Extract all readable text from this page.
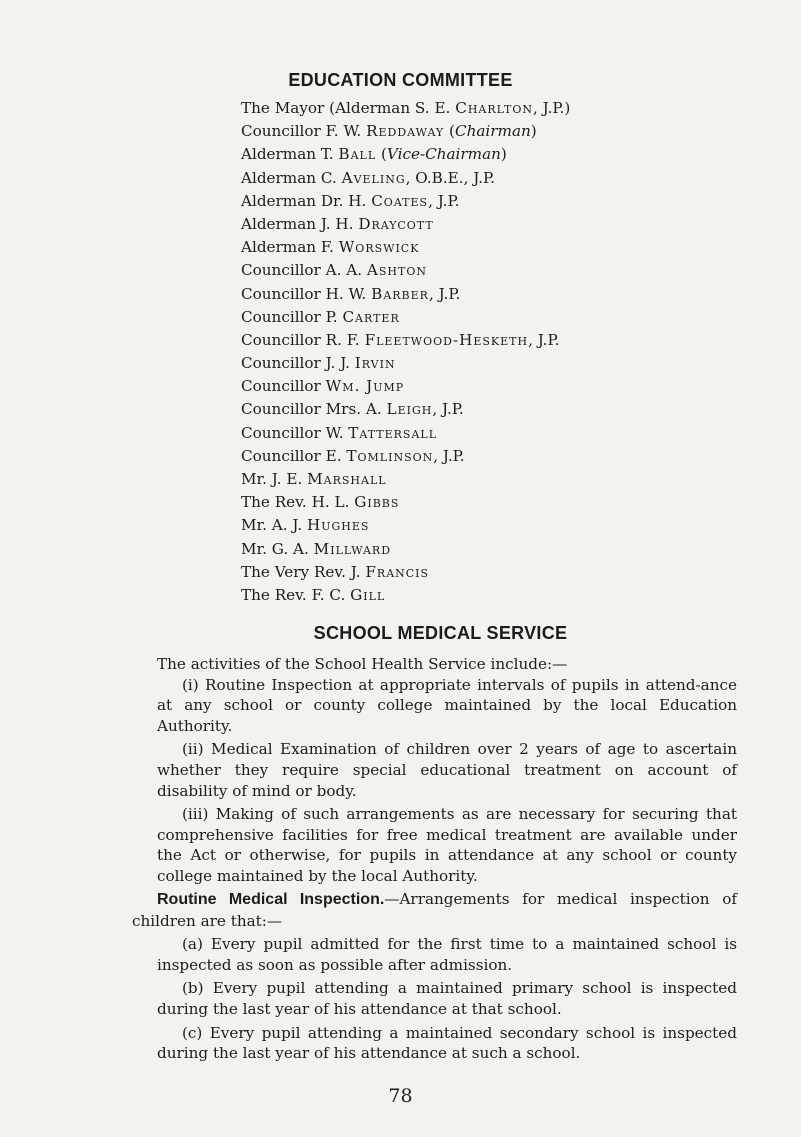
EDUCATION COMMITTEE
The Mayor (Alderman S. E. Charlton, J.P.)
Councillor F. W. Reddaway (Chairman)
Alderman T. Ball (Vice-Chairman)
Alderman C. Aveling, O.B.E., J.P.
Alderman Dr. H. Coates, J.P.
Alderman J. H. Draycott
Alderman F. Worswick
Councillor A. A. Ashton
Councillor H. W. Barber, J.P.
Councillor P. Carter
Councillor R. F. Fleetwood-Hesketh, J.P.
Councillor J. J. Irvin
Councillor Wm. Jump
Councillor Mrs. A. Leigh, J.P.
Councillor W. Tattersall
Councillor E. Tomlinson, J.P.
Mr. J. E. Marshall
The Rev. H. L. Gibbs
Mr. A. J. Hughes
Mr. G. A. Millward
The Very Rev. J. Francis
The Rev. F. C. Gill
SCHOOL MEDICAL SERVICE

The activities of the School Health Service include:—

(i) Routine Inspection at appropriate intervals of pupils in attend-ance at any school or county college maintained by the local Education Authority.

(ii) Medical Examination of children over 2 years of age to ascertain whether they require special educational treatment on account of disability of mind or body.

(iii) Making of such arrangements as are necessary for securing that comprehensive facilities for free medical treatment are available under the Act or otherwise, for pupils in attendance at any school or county college maintained by the local Authority.

Routine Medical Inspection.—Arrangements for medical inspection of children are that:—

(a) Every pupil admitted for the first time to a maintained school is inspected as soon as possible after admission.

(b) Every pupil attending a maintained primary school is inspected during the last year of his attendance at that school.

(c) Every pupil attending a maintained secondary school is inspected during the last year of his attendance at such a school.

78
